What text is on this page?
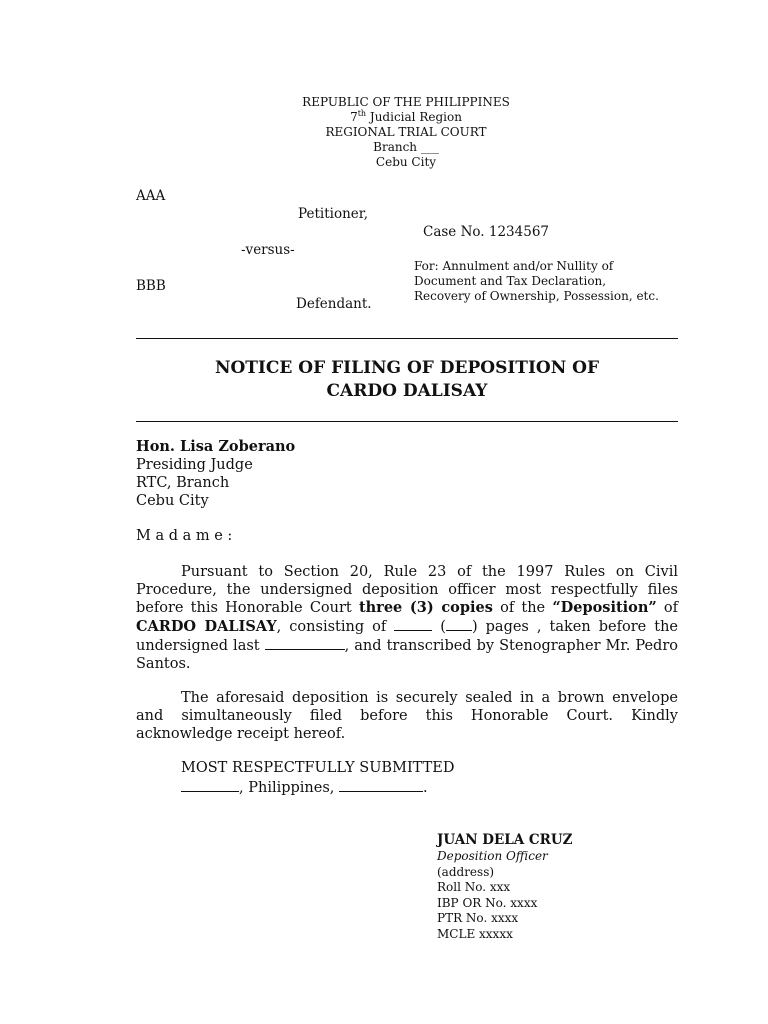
REPUBLIC OF THE PHILIPPINES
7th Judicial Region
REGIONAL TRIAL COURT
Branch ___
Cebu City
AAA
Petitioner,
Case No. 1234567
-versus-
For: Annulment and/or Nullity of
Document and Tax Declaration,
BBB
Recovery of Ownership, Possession, etc.
Defendant.
NOTICE OF FILING OF DEPOSITION OF
CARDO DALISAY
Hon. Lisa Zoberano
Presiding Judge
RTC, Branch
Cebu City
M a d a m e :
Pursuant to Section 20, Rule 23 of the 1997 Rules on Civil Procedure, the undersigned deposition officer most respectfully files before this Honorable Court three (3) copies of the “Deposition” of CARDO DALISAY, consisting of	( ) pages , taken before the undersigned last	, and transcribed by Stenographer Mr. Pedro Santos.
The aforesaid deposition is securely sealed in a brown envelope and simultaneously filed before this Honorable Court. Kindly acknowledge receipt hereof.
MOST RESPECTFULLY SUBMITTED
, Philippines,	.
JUAN DELA CRUZ
Deposition Officer
(address)
Roll No. xxx
IBP OR No. xxxx
PTR No. xxxx
MCLE xxxxx
